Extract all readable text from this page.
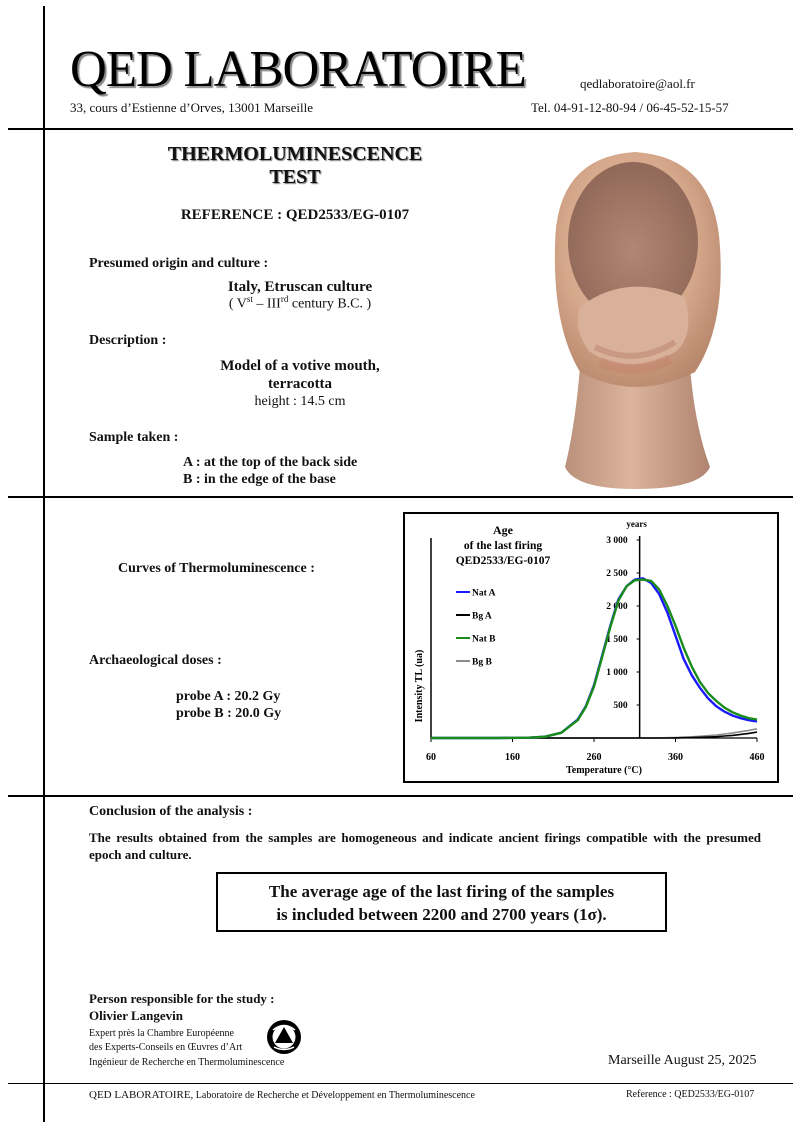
QED LABORATOIRE	qedlaboratoire@aol.fr
33, cours d’Estienne d’Orves, 13001 Marseille	Tel. 04-91-12-80-94 / 06-45-52-15-57
THERMOLUMINESCENCE
TEST
REFERENCE : QED2533/EG-0107
Presumed origin and culture :
Italy, Etruscan culture
( Vst – IIIrd century B.C. )
Description :
Model of a votive mouth,
terracotta
height : 14.5 cm
Sample taken :
A : at the top of the back side
B : in the edge of the base
Curves of Thermoluminescence :
Archaeological doses :
probe A : 20.2 Gy
probe B : 20.0 Gy
60	160	260	360	460
Temperature (°C)
Intensity TL (ua)
years
500
1 000
1 500
2 000
2 500
3 000
Age
of the last firing
QED2533/EG-0107
Nat A
Bg A
Nat B
Bg B
Conclusion of the analysis :
The results obtained from the samples are homogeneous and indicate ancient firings compatible with the presumed epoch and culture.
The average age of the last firing of the samples
is included between 2200 and 2700 years (1σ).
Person responsible for the study :
Olivier Langevin
Expert près la Chambre Européenne
des Experts-Conseils en Œuvres d’Art
Ingénieur de Recherche en Thermoluminescence	Marseille August 25, 2025
QED LABORATOIRE, Laboratoire de Recherche et Développement en Thermoluminescence	Reference : QED2533/EG-0107
